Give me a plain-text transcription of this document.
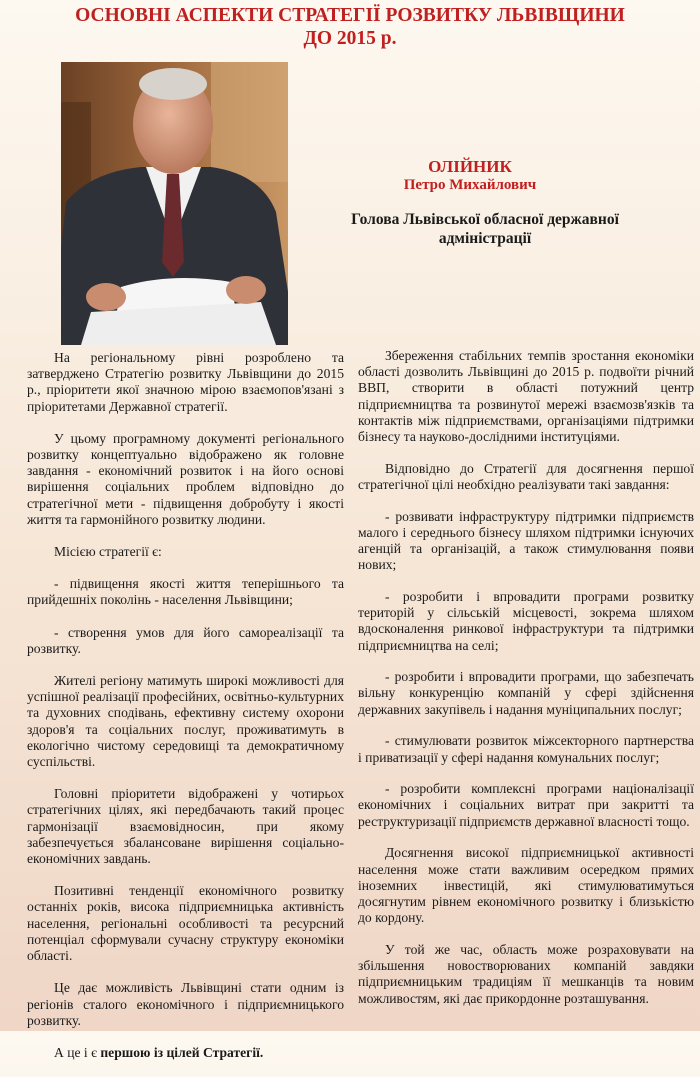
ОСНОВНІ АСПЕКТИ СТРАТЕГІЇ РОЗВИТКУ ЛЬВІВЩИНИ
ДО 2015 р.

ОЛІЙНИК

Петро Михайлович

Голова Львівської обласної державної адміністрації

На регіональному рівні розроблено та затверджено Стратегію розвитку Львівщини до 2015 р., пріоритети якої значною мірою взаємопов'язані з пріоритетами Державної стратегії.

У цьому програмному документі регіонального розвитку концептуально відображено як головне завдання - економічний розвиток і на його основі вирішення соціальних проблем відповідно до стратегічної мети - підвищення добробуту і якості життя та гармонійного розвитку людини.

Місією стратегії є:

- підвищення якості життя теперішнього та прийдешніх поколінь - населення Львівщини;

- створення умов для його самореалізації та розвитку.

Жителі регіону матимуть широкі можливості для успішної реалізації професійних, освітньо-культурних та духовних сподівань, ефективну систему охорони здоров'я та соціальних послуг, проживатимуть в екологічно чистому середовищі та демократичному суспільстві.

Головні пріоритети відображені у чотирьох стратегічних цілях, які передбачають такий процес гармонізації взаємовідносин, при якому забезпечується збалансоване вирішення соціально-економічних завдань.

Позитивні тенденції економічного розвитку останніх років, висока підприємницька активність населення, регіональні особливості та ресурсний потенціал сформували сучасну структуру економіки області.

Це дає можливість Львівщині стати одним із регіонів сталого економічного і підприємницького розвитку.

А це і є першою із цілей Стратегії.

Збереження стабільних темпів зростання економіки області дозволить Львівщині до 2015 р. подвоїти річний ВВП, створити в області потужний центр підприємництва та розвинутої мережі взаємозв'язків та контактів між підприємствами, організаціями підтримки бізнесу та науково-дослідними інституціями.

Відповідно до Стратегії для досягнення першої стратегічної цілі необхідно реалізувати такі завдання:

- розвивати інфраструктуру підтримки підприємств малого і середнього бізнесу шляхом підтримки існуючих агенцій та організацій, а також стимулювання появи нових;

- розробити і впровадити програми розвитку територій у сільській місцевості, зокрема шляхом вдосконалення ринкової інфраструктури та підтримки підприємництва на селі;

- розробити і впровадити програми, що забезпечать вільну конкуренцію компаній у сфері здійснення державних закупівель і надання муніципальних послуг;

- стимулювати розвиток міжсекторного партнерства і приватизації у сфері надання комунальних послуг;

- розробити комплексні програми націоналізації економічних і соціальних витрат при закритті та реструктуризації підприємств державної власності тощо.

Досягнення високої підприємницької активності населення може стати важливим осередком прямих іноземних інвестицій, які стимулюватимуться досягнутим рівнем економічного розвитку і близькістю до кордону.

У той же час, область може розраховувати на збільшення новостворюваних компаній завдяки підприємницьким традиціям її мешканців та новим можливостям, які дає прикордонне розташування.
